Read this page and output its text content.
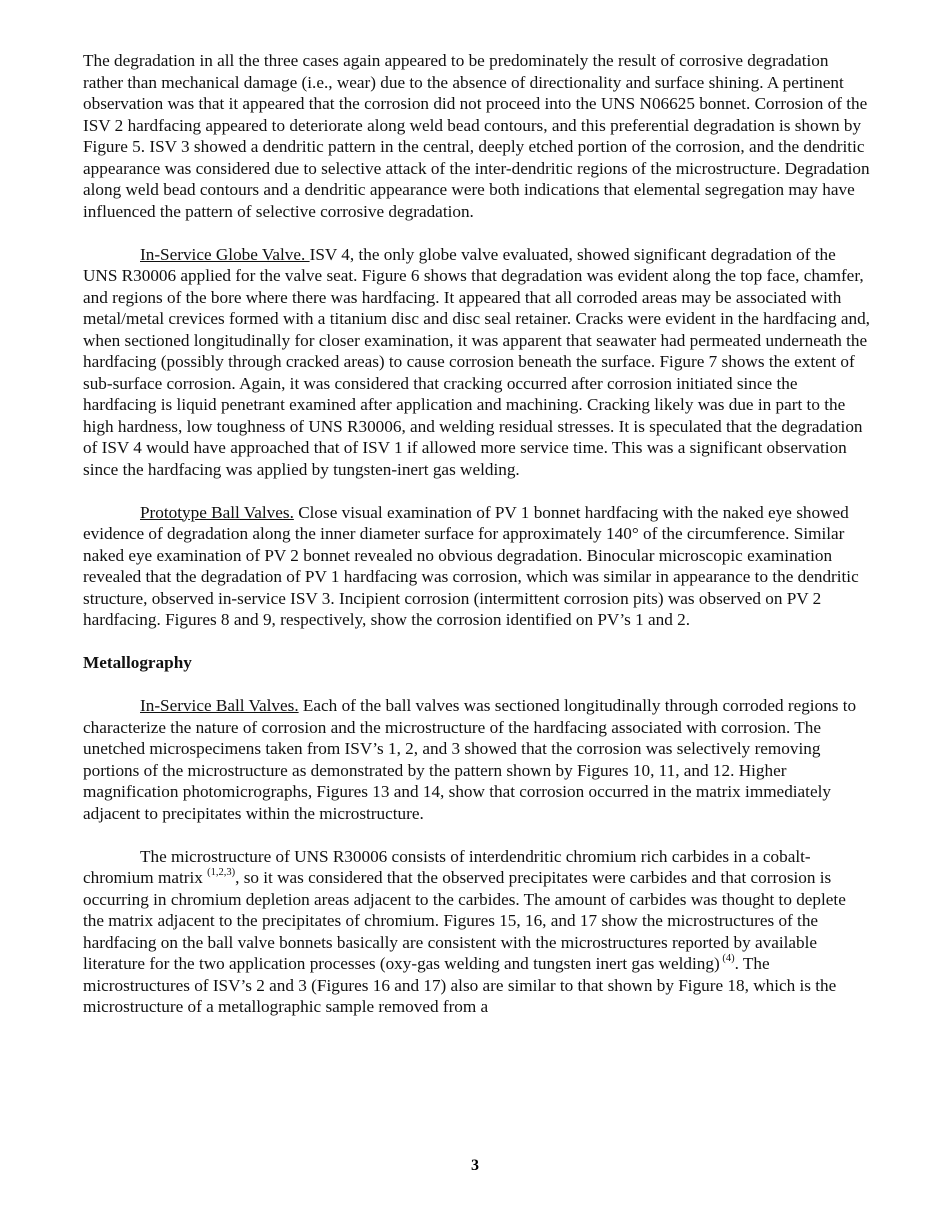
The degradation in all the three cases again appeared to be predominately the result of corrosive degradation rather than mechanical damage (i.e., wear) due to the absence of directionality and surface shining. A pertinent observation was that it appeared that the corrosion did not proceed into the UNS N06625 bonnet. Corrosion of the ISV 2 hardfacing appeared to deteriorate along weld bead contours, and this preferential degradation is shown by Figure 5. ISV 3 showed a dendritic pattern in the central, deeply etched portion of the corrosion, and the dendritic appearance was considered due to selective attack of the inter-dendritic regions of the microstructure. Degradation along weld bead contours and a dendritic appearance were both indications that elemental segregation may have influenced the pattern of selective corrosive degradation.

In-Service Globe Valve. ISV 4, the only globe valve evaluated, showed significant degradation of the UNS R30006 applied for the valve seat. Figure 6 shows that degradation was evident along the top face, chamfer, and regions of the bore where there was hardfacing. It appeared that all corroded areas may be associated with metal/metal crevices formed with a titanium disc and disc seal retainer. Cracks were evident in the hardfacing and, when sectioned longitudinally for closer examination, it was apparent that seawater had permeated underneath the hardfacing (possibly through cracked areas) to cause corrosion beneath the surface. Figure 7 shows the extent of sub-surface corrosion. Again, it was considered that cracking occurred after corrosion initiated since the hardfacing is liquid penetrant examined after application and machining. Cracking likely was due in part to the high hardness, low toughness of UNS R30006, and welding residual stresses. It is speculated that the degradation of ISV 4 would have approached that of ISV 1 if allowed more service time. This was a significant observation since the hardfacing was applied by tungsten-inert gas welding.

Prototype Ball Valves. Close visual examination of PV 1 bonnet hardfacing with the naked eye showed evidence of degradation along the inner diameter surface for approximately 140° of the circumference. Similar naked eye examination of PV 2 bonnet revealed no obvious degradation. Binocular microscopic examination revealed that the degradation of PV 1 hardfacing was corrosion, which was similar in appearance to the dendritic structure, observed in-service ISV 3. Incipient corrosion (intermittent corrosion pits) was observed on PV 2 hardfacing. Figures 8 and 9, respectively, show the corrosion identified on PV’s 1 and 2.

Metallography

In-Service Ball Valves. Each of the ball valves was sectioned longitudinally through corroded regions to characterize the nature of corrosion and the microstructure of the hardfacing associated with corrosion. The unetched microspecimens taken from ISV’s 1, 2, and 3 showed that the corrosion was selectively removing portions of the microstructure as demonstrated by the pattern shown by Figures 10, 11, and 12. Higher magnification photomicrographs, Figures 13 and 14, show that corrosion occurred in the matrix immediately adjacent to precipitates within the microstructure.

The microstructure of UNS R30006 consists of interdendritic chromium rich carbides in a cobalt-chromium matrix $^{(1,2,3)}$, so it was considered that the observed precipitates were carbides and that corrosion is occurring in chromium depletion areas adjacent to the carbides. The amount of carbides was thought to deplete the matrix adjacent to the precipitates of chromium. Figures 15, 16, and 17 show the microstructures of the hardfacing on the ball valve bonnets basically are consistent with the microstructures reported by available literature for the two application processes (oxy-gas welding and tungsten inert gas welding) $^{(4)}$. The microstructures of ISV’s 2 and 3 (Figures 16 and 17) also are similar to that shown by Figure 18, which is the microstructure of a metallographic sample removed from a

3
